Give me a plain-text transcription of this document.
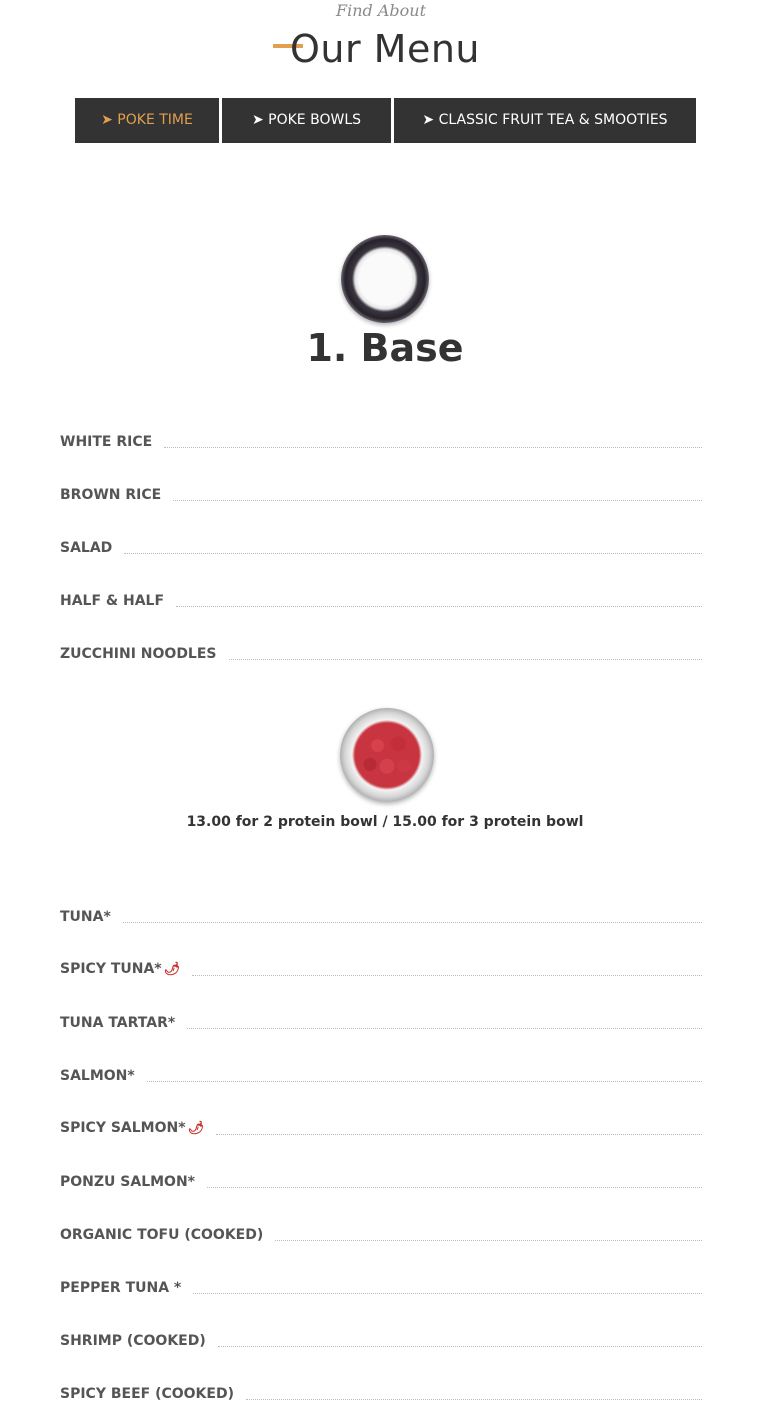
Find About
Our Menu
➤ POKE TIME	➤ POKE BOWLS	➤ CLASSIC FRUIT TEA & SMOOTIES
1. Base
WHITE RICE
BROWN RICE
SALAD
HALF & HALF
ZUCCHINI NOODLES
13.00 for 2 protein bowl / 15.00 for 3 protein bowl
TUNA*
SPICY TUNA* 🌶
TUNA TARTAR*
SALMON*
SPICY SALMON* 🌶
PONZU SALMON*
ORGANIC TOFU (COOKED)
PEPPER TUNA *
SHRIMP (COOKED)
SPICY BEEF (COOKED)
